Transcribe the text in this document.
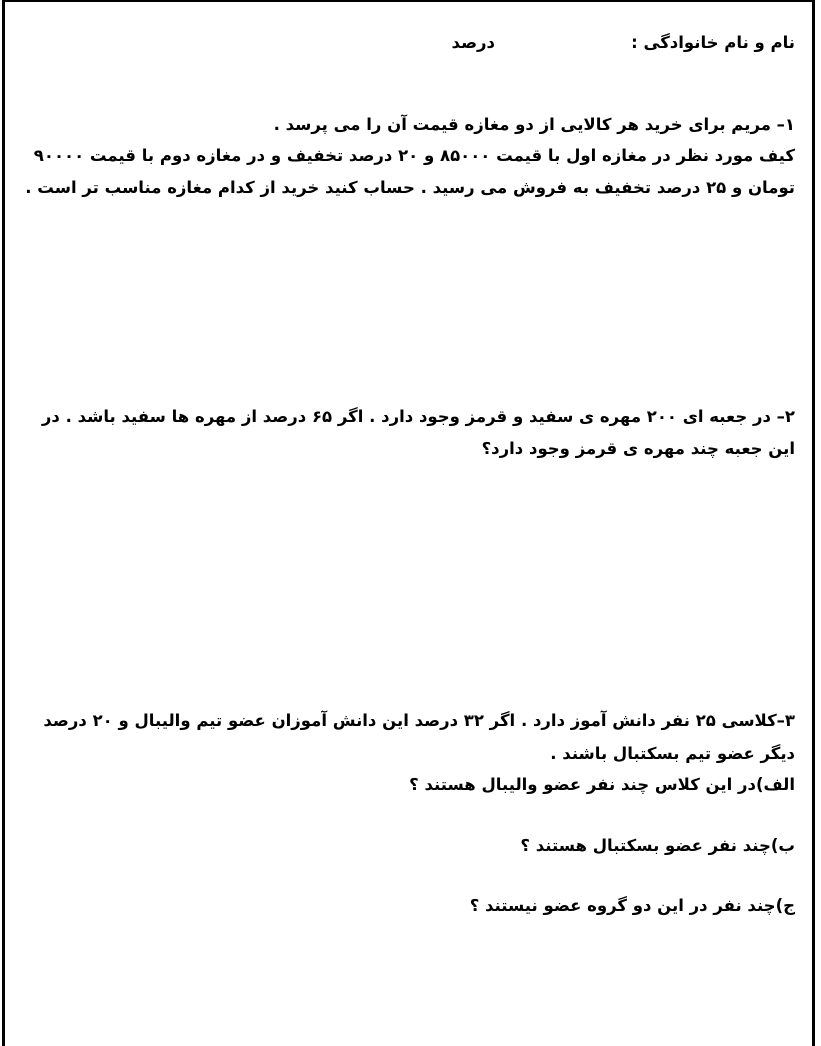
نام و نام خانوادگی :
درصد
۱– مریم برای خرید هر کالایی از دو مغازه قیمت آن را می پرسد .
کیف مورد نظر در مغازه اول با قیمت ۸۵۰۰۰ و ۲۰ درصد تخفیف و در مغازه دوم با قیمت ۹۰۰۰۰
تومان و ۲۵ درصد تخفیف به فروش می رسید . حساب کنید خرید از کدام مغازه مناسب تر است .
۲– در جعبه ای ۲۰۰ مهره ی سفید و قرمز وجود دارد . اگر ۶۵ درصد از مهره ها سفید باشد . در
این جعبه چند مهره ی قرمز وجود دارد؟
۳–کلاسی ۲۵ نفر دانش آموز دارد . اگر ۳۲ درصد این دانش آموزان عضو تیم والیبال و ۲۰ درصد
دیگر عضو تیم بسکتبال باشند .
الف)در این کلاس چند نفر عضو والیبال هستند ؟
ب)چند نفر عضو بسکتبال هستند ؟
ج)چند نفر در این دو گروه عضو نیستند ؟
